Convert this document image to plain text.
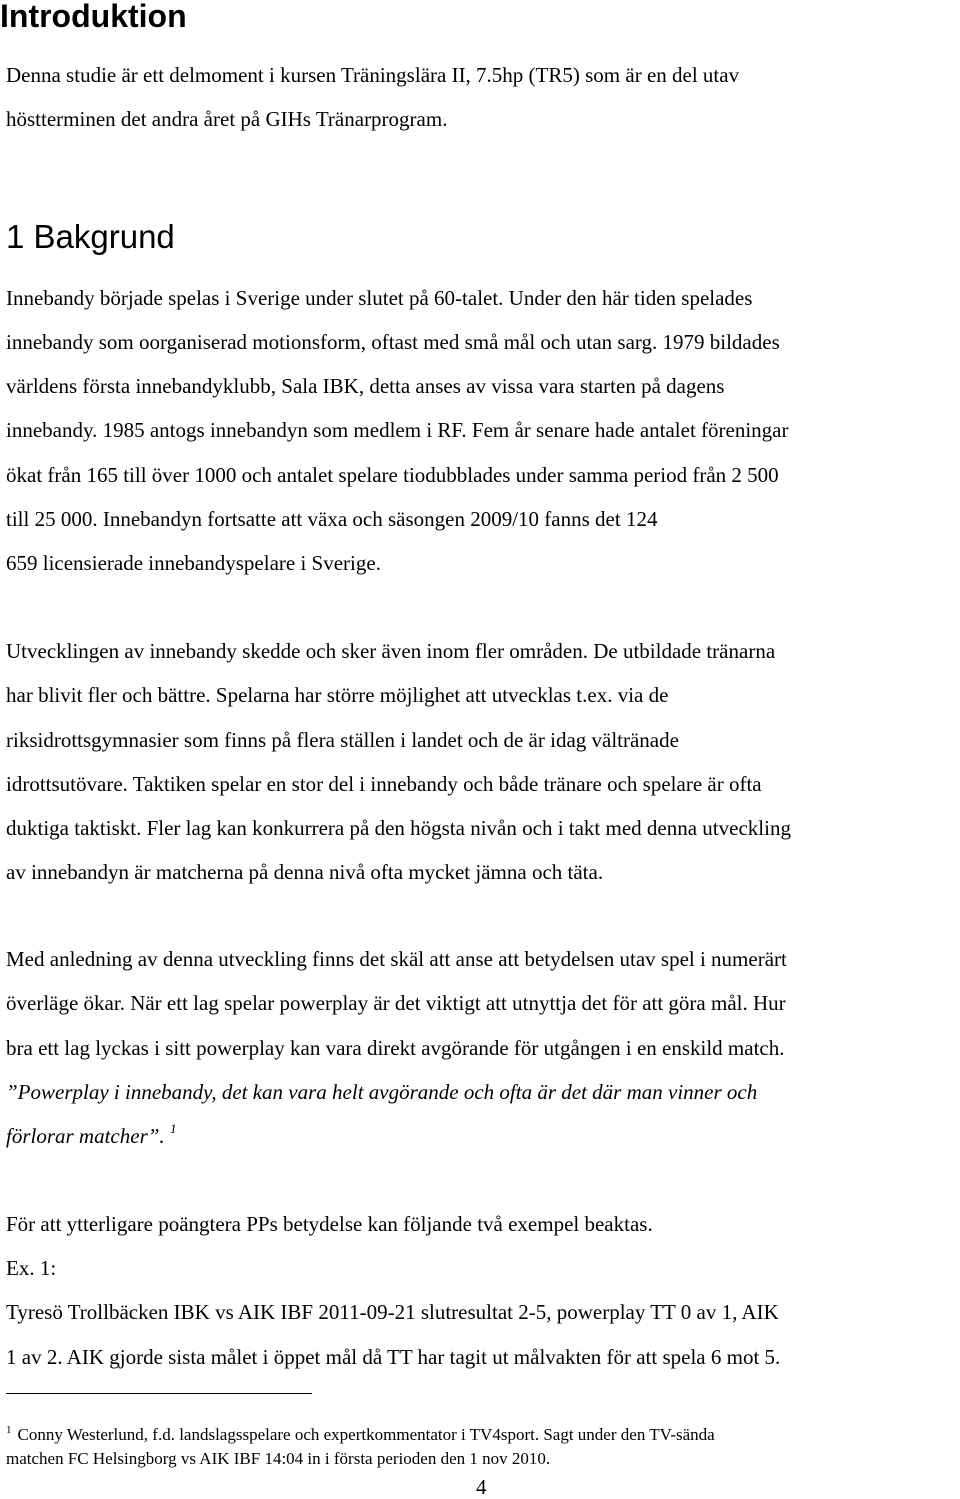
Introduktion

Denna studie är ett delmoment i kursen Träningslära II, 7.5hp (TR5) som är en del utav

höstterminen det andra året på GIHs Tränarprogram.

1 Bakgrund

Innebandy började spelas i Sverige under slutet på 60-talet. Under den här tiden spelades

innebandy som oorganiserad motionsform, oftast med små mål och utan sarg. 1979 bildades

världens första innebandyklubb, Sala IBK, detta anses av vissa vara starten på dagens

innebandy. 1985 antogs innebandyn som medlem i RF. Fem år senare hade antalet föreningar

ökat från 165 till över 1000 och antalet spelare tiodubblades under samma period från 2 500

till 25 000. Innebandyn fortsatte att växa och säsongen 2009/10 fanns det 124

659 licensierade innebandyspelare i Sverige.

Utvecklingen av innebandy skedde och sker även inom fler områden. De utbildade tränarna

har blivit fler och bättre. Spelarna har större möjlighet att utvecklas t.ex. via de

riksidrottsgymnasier som finns på flera ställen i landet och de är idag vältränade

idrottsutövare. Taktiken spelar en stor del i innebandy och både tränare och spelare är ofta

duktiga taktiskt. Fler lag kan konkurrera på den högsta nivån och i takt med denna utveckling

av innebandyn är matcherna på denna nivå ofta mycket jämna och täta.

Med anledning av denna utveckling finns det skäl att anse att betydelsen utav spel i numerärt

överläge ökar. När ett lag spelar powerplay är det viktigt att utnyttja det för att göra mål. Hur

bra ett lag lyckas i sitt powerplay kan vara direkt avgörande för utgången i en enskild match.

”Powerplay i innebandy, det kan vara helt avgörande och ofta är det där man vinner och

förlorar matcher”. $^1$

För att ytterligare poängtera PPs betydelse kan följande två exempel beaktas.

Ex. 1:

Tyresö Trollbäcken IBK vs AIK IBF 2011-09-21 slutresultat 2-5, powerplay TT 0 av 1, AIK

1 av 2. AIK gjorde sista målet i öppet mål då TT har tagit ut målvakten för att spela 6 mot 5.

$^1$ Conny Westerlund, f.d. landslagsspelare och expertkommentator i TV4sport. Sagt under den TV-sända
matchen FC Helsingborg vs AIK IBF 14:04 in i första perioden den 1 nov 2010.
4
